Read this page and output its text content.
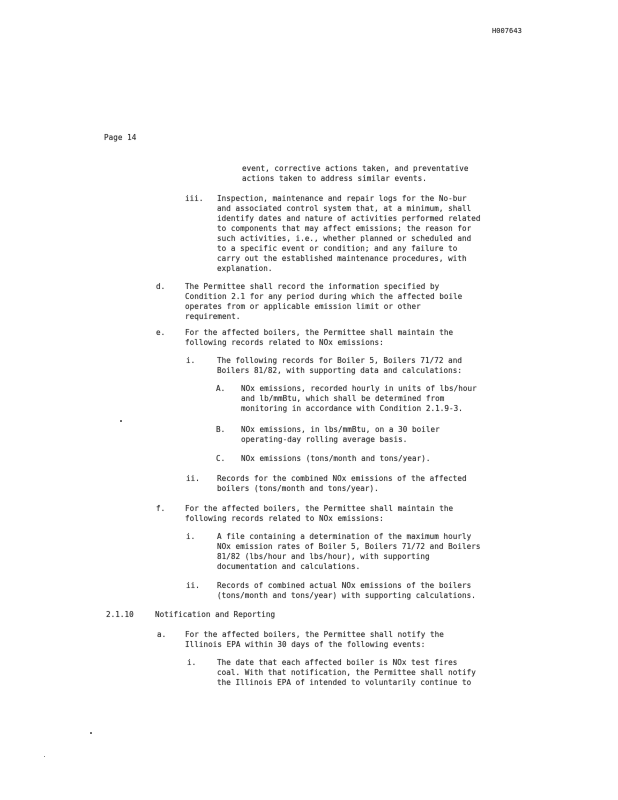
H007643
Page 14
event, corrective actions taken, and preventative
actions taken to address similar events.
iii. Inspection, maintenance and repair logs for the No-bur
and associated control system that, at a minimum, shall
identify dates and nature of activities performed related
to components that may affect emissions; the reason for
such activities, i.e., whether planned or scheduled and
to a specific event or condition; and any failure to
carry out the established maintenance procedures, with
explanation.
d.	The Permittee shall record the information specified by
Condition 2.1 for any period during which the affected boile
operates from or applicable emission limit or other
requirement.
e.	For the affected boilers, the Permittee shall maintain the
following records related to NOx emissions:
i.	The following records for Boiler 5, Boilers 71/72 and
Boilers 81/82, with supporting data and calculations:
A. NOx emissions, recorded hourly in units of lbs/hour
and lb/mmBtu, which shall be determined from
monitoring in accordance with Condition 2.1.9-3.
B. NOx emissions, in lbs/mmBtu, on a 30 boiler
operating-day rolling average basis.
C. NOx emissions (tons/month and tons/year).
ii. Records for the combined NOx emissions of the affected
boilers (tons/month and tons/year).
f.	For the affected boilers, the Permittee shall maintain the
following records related to NOx emissions:
i.	A file containing a determination of the maximum hourly
NOx emission rates of Boiler 5, Boilers 71/72 and Boilers
81/82 (lbs/hour and lbs/hour), with supporting
documentation and calculations.
ii. Records of combined actual NOx emissions of the boilers
(tons/month and tons/year) with supporting calculations.
2.1.10	Notification and Reporting
a. For the affected boilers, the Permittee shall notify the
Illinois EPA within 30 days of the following events:
i.	The date that each affected boiler is NOx test fires
coal. With that notification, the Permittee shall notify
the Illinois EPA of intended to voluntarily continue to
